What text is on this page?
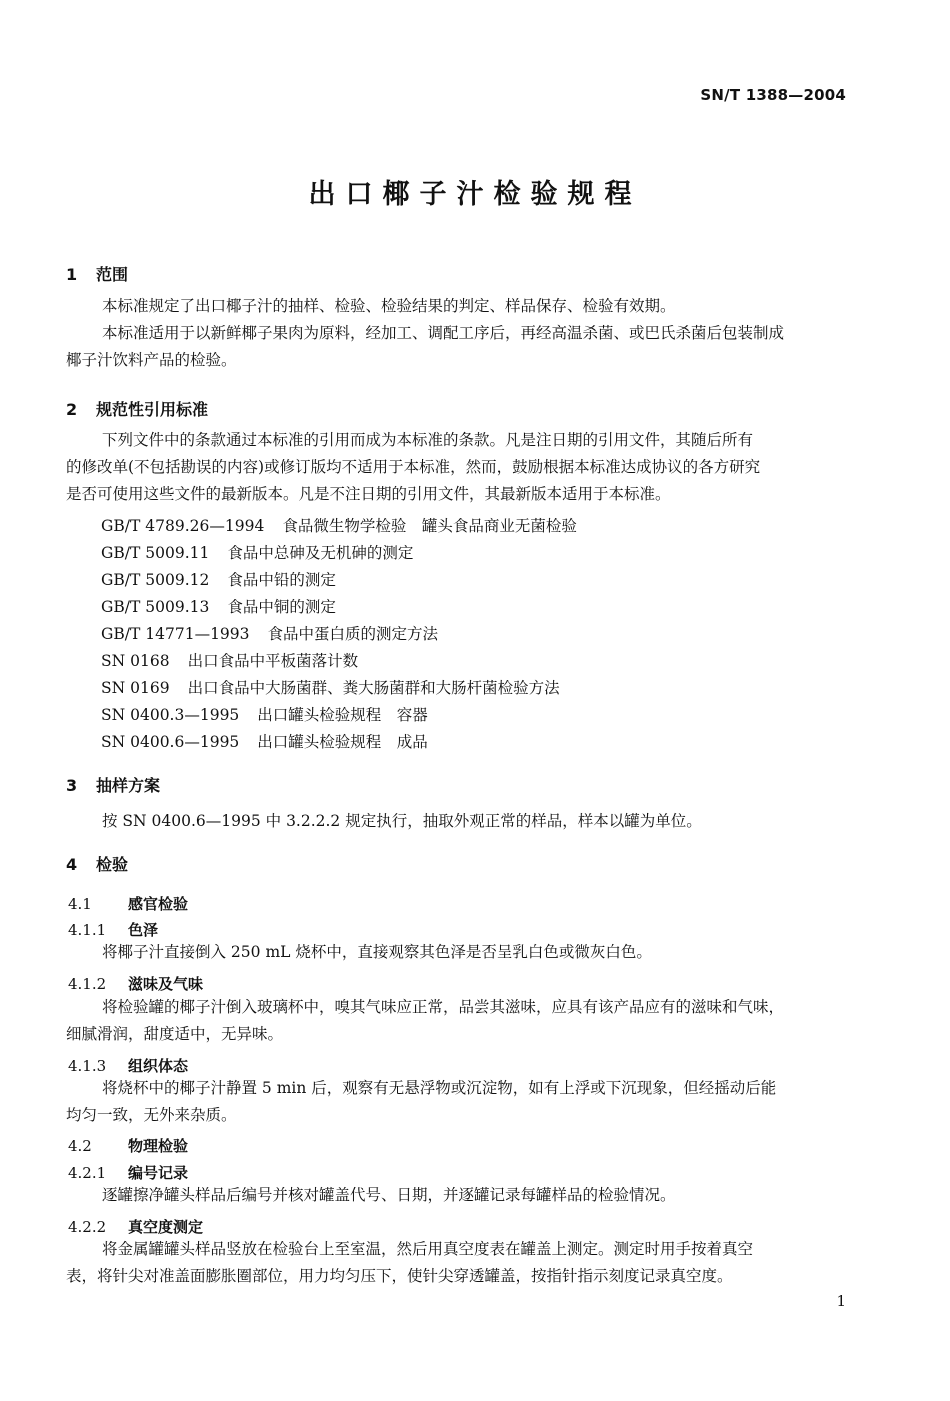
SN/T 1388—2004
出口椰子汁检验规程
1 范围
本标准规定了出口椰子汁的抽样、检验、检验结果的判定、样品保存、检验有效期。
本标准适用于以新鲜椰子果肉为原料，经加工、调配工序后，再经高温杀菌、或巴氏杀菌后包装制成
椰子汁饮料产品的检验。
2 规范性引用标准
下列文件中的条款通过本标准的引用而成为本标准的条款。凡是注日期的引用文件，其随后所有
的修改单(不包括勘误的内容)或修订版均不适用于本标准，然而，鼓励根据本标准达成协议的各方研究
是否可使用这些文件的最新版本。凡是不注日期的引用文件，其最新版本适用于本标准。
GB/T 4789.26—1994 食品微生物学检验　罐头食品商业无菌检验
GB/T 5009.11 食品中总砷及无机砷的测定
GB/T 5009.12 食品中铅的测定
GB/T 5009.13 食品中铜的测定
GB/T 14771—1993 食品中蛋白质的测定方法
SN 0168 出口食品中平板菌落计数
SN 0169 出口食品中大肠菌群、粪大肠菌群和大肠杆菌检验方法
SN 0400.3—1995 出口罐头检验规程　容器
SN 0400.6—1995 出口罐头检验规程　成品
3 抽样方案
按 SN 0400.6—1995 中 3.2.2.2 规定执行，抽取外观正常的样品，样本以罐为单位。
4 检验
4.1 感官检验
4.1.1 色泽
将椰子汁直接倒入 250 mL 烧杯中，直接观察其色泽是否呈乳白色或微灰白色。
4.1.2 滋味及气味
将检验罐的椰子汁倒入玻璃杯中，嗅其气味应正常，品尝其滋味，应具有该产品应有的滋味和气味，
细腻滑润，甜度适中，无异味。
4.1.3 组织体态
将烧杯中的椰子汁静置 5 min 后，观察有无悬浮物或沉淀物，如有上浮或下沉现象，但经摇动后能
均匀一致，无外来杂质。
4.2 物理检验
4.2.1 编号记录
逐罐擦净罐头样品后编号并核对罐盖代号、日期，并逐罐记录每罐样品的检验情况。
4.2.2 真空度测定
将金属罐罐头样品竖放在检验台上至室温，然后用真空度表在罐盖上测定。测定时用手按着真空
表，将针尖对准盖面膨胀圈部位，用力均匀压下，使针尖穿透罐盖，按指针指示刻度记录真空度。
1
